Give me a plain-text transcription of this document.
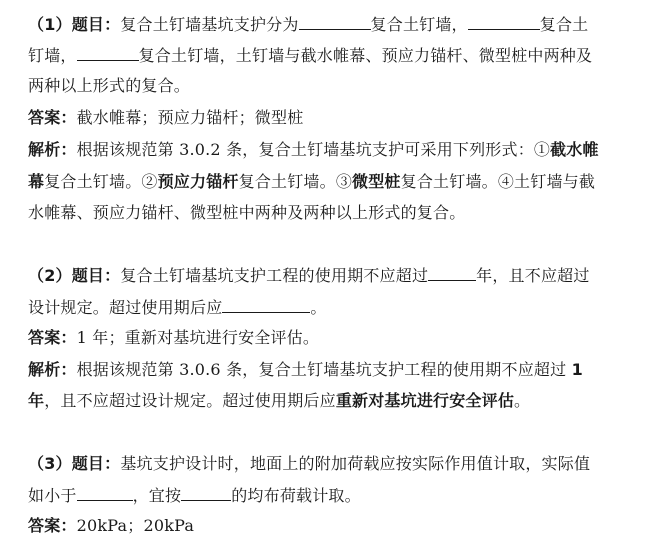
（1）题目：复合土钉墙基坑支护分为	复合土钉墙，	复合土
钉墙，	复合土钉墙，土钉墙与截水帷幕、预应力锚杆、微型桩中两种及
两种以上形式的复合。
答案：截水帷幕；预应力锚杆；微型桩
解析：根据该规范第 3.0.2 条，复合土钉墙基坑支护可采用下列形式：①截水帷
幕复合土钉墙。②预应力锚杆复合土钉墙。③微型桩复合土钉墙。④土钉墙与截
水帷幕、预应力锚杆、微型桩中两种及两种以上形式的复合。
（2）题目：复合土钉墙基坑支护工程的使用期不应超过	年，且不应超过
设计规定。超过使用期后应	。
答案：1 年；重新对基坑进行安全评估。
解析：根据该规范第 3.0.6 条，复合土钉墙基坑支护工程的使用期不应超过 1
年，且不应超过设计规定。超过使用期后应重新对基坑进行安全评估。
（3）题目：基坑支护设计时，地面上的附加荷载应按实际作用值计取，实际值
如小于	，宜按	的均布荷载计取。
答案：20kPa；20kPa
